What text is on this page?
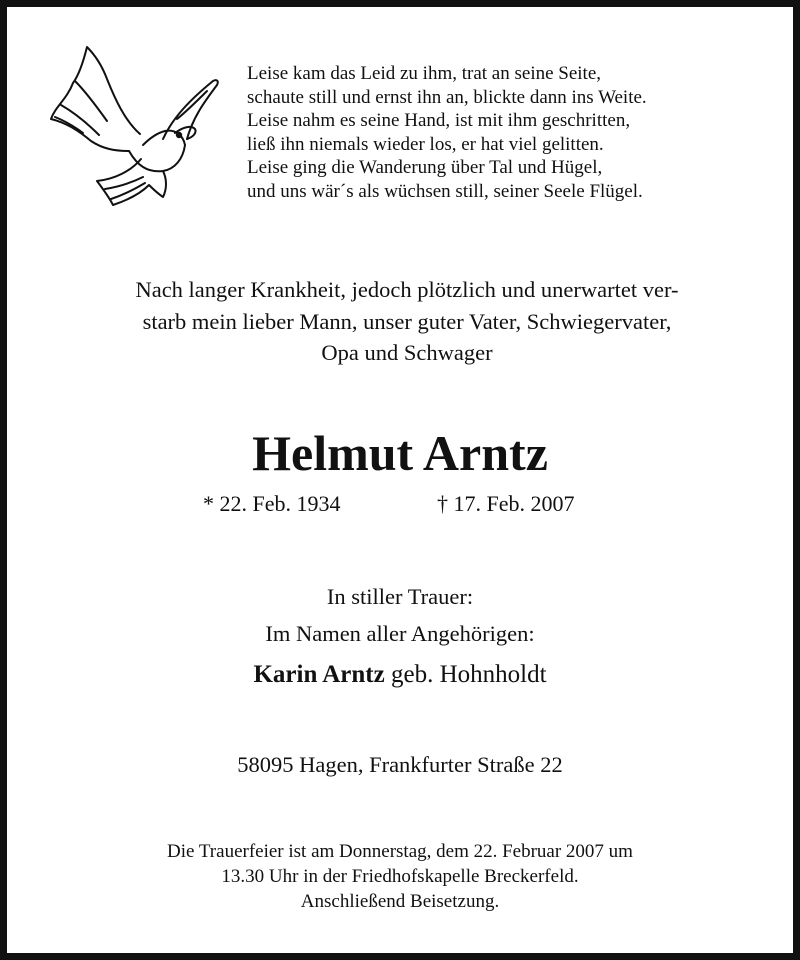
Leise kam das Leid zu ihm, trat an seine Seite,
schaute still und ernst ihn an, blickte dann ins Weite.
Leise nahm es seine Hand, ist mit ihm geschritten,
ließ ihn niemals wieder los, er hat viel gelitten.
Leise ging die Wanderung über Tal und Hügel,
und uns wär´s als wüchsen still, seiner Seele Flügel.
Nach langer Krankheit, jedoch plötzlich und unerwartet ver-
starb mein lieber Mann, unser guter Vater, Schwiegervater,
Opa und Schwager
Helmut Arntz
* 22. Feb. 1934	† 17. Feb. 2007
In stiller Trauer:
Im Namen aller Angehörigen:
Karin Arntz geb. Hohnholdt
58095 Hagen, Frankfurter Straße 22
Die Trauerfeier ist am Donnerstag, dem 22. Februar 2007 um
13.30 Uhr in der Friedhofskapelle Breckerfeld.
Anschließend Beisetzung.
